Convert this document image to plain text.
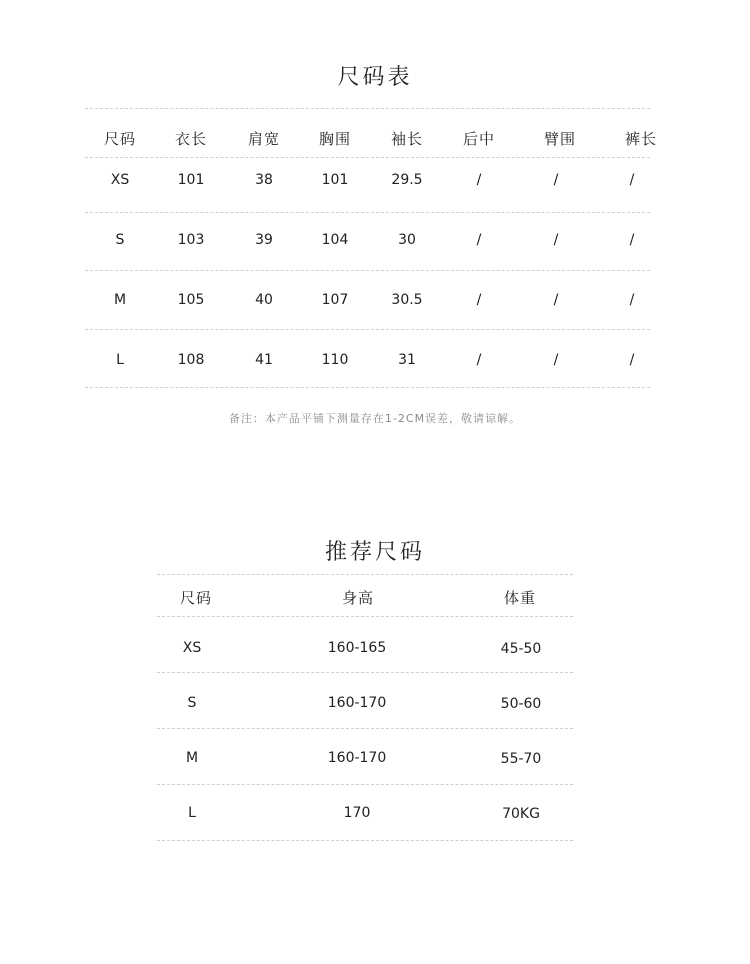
尺码表
尺码	衣长	肩宽	胸围	袖长	后中	臂围	裤长
XS	101	38	101	29.5	/	/	/
S	103	39	104	30	/	/	/
M	105	40	107	30.5	/	/	/
L	108	41	110	31	/	/	/
备注：本产品平铺下测量存在1-2CM误差，敬请谅解。
推荐尺码
尺码	身高	体重
XS	160-165	45-50
S	160-170	50-60
M	160-170	55-70
L	170	70KG
